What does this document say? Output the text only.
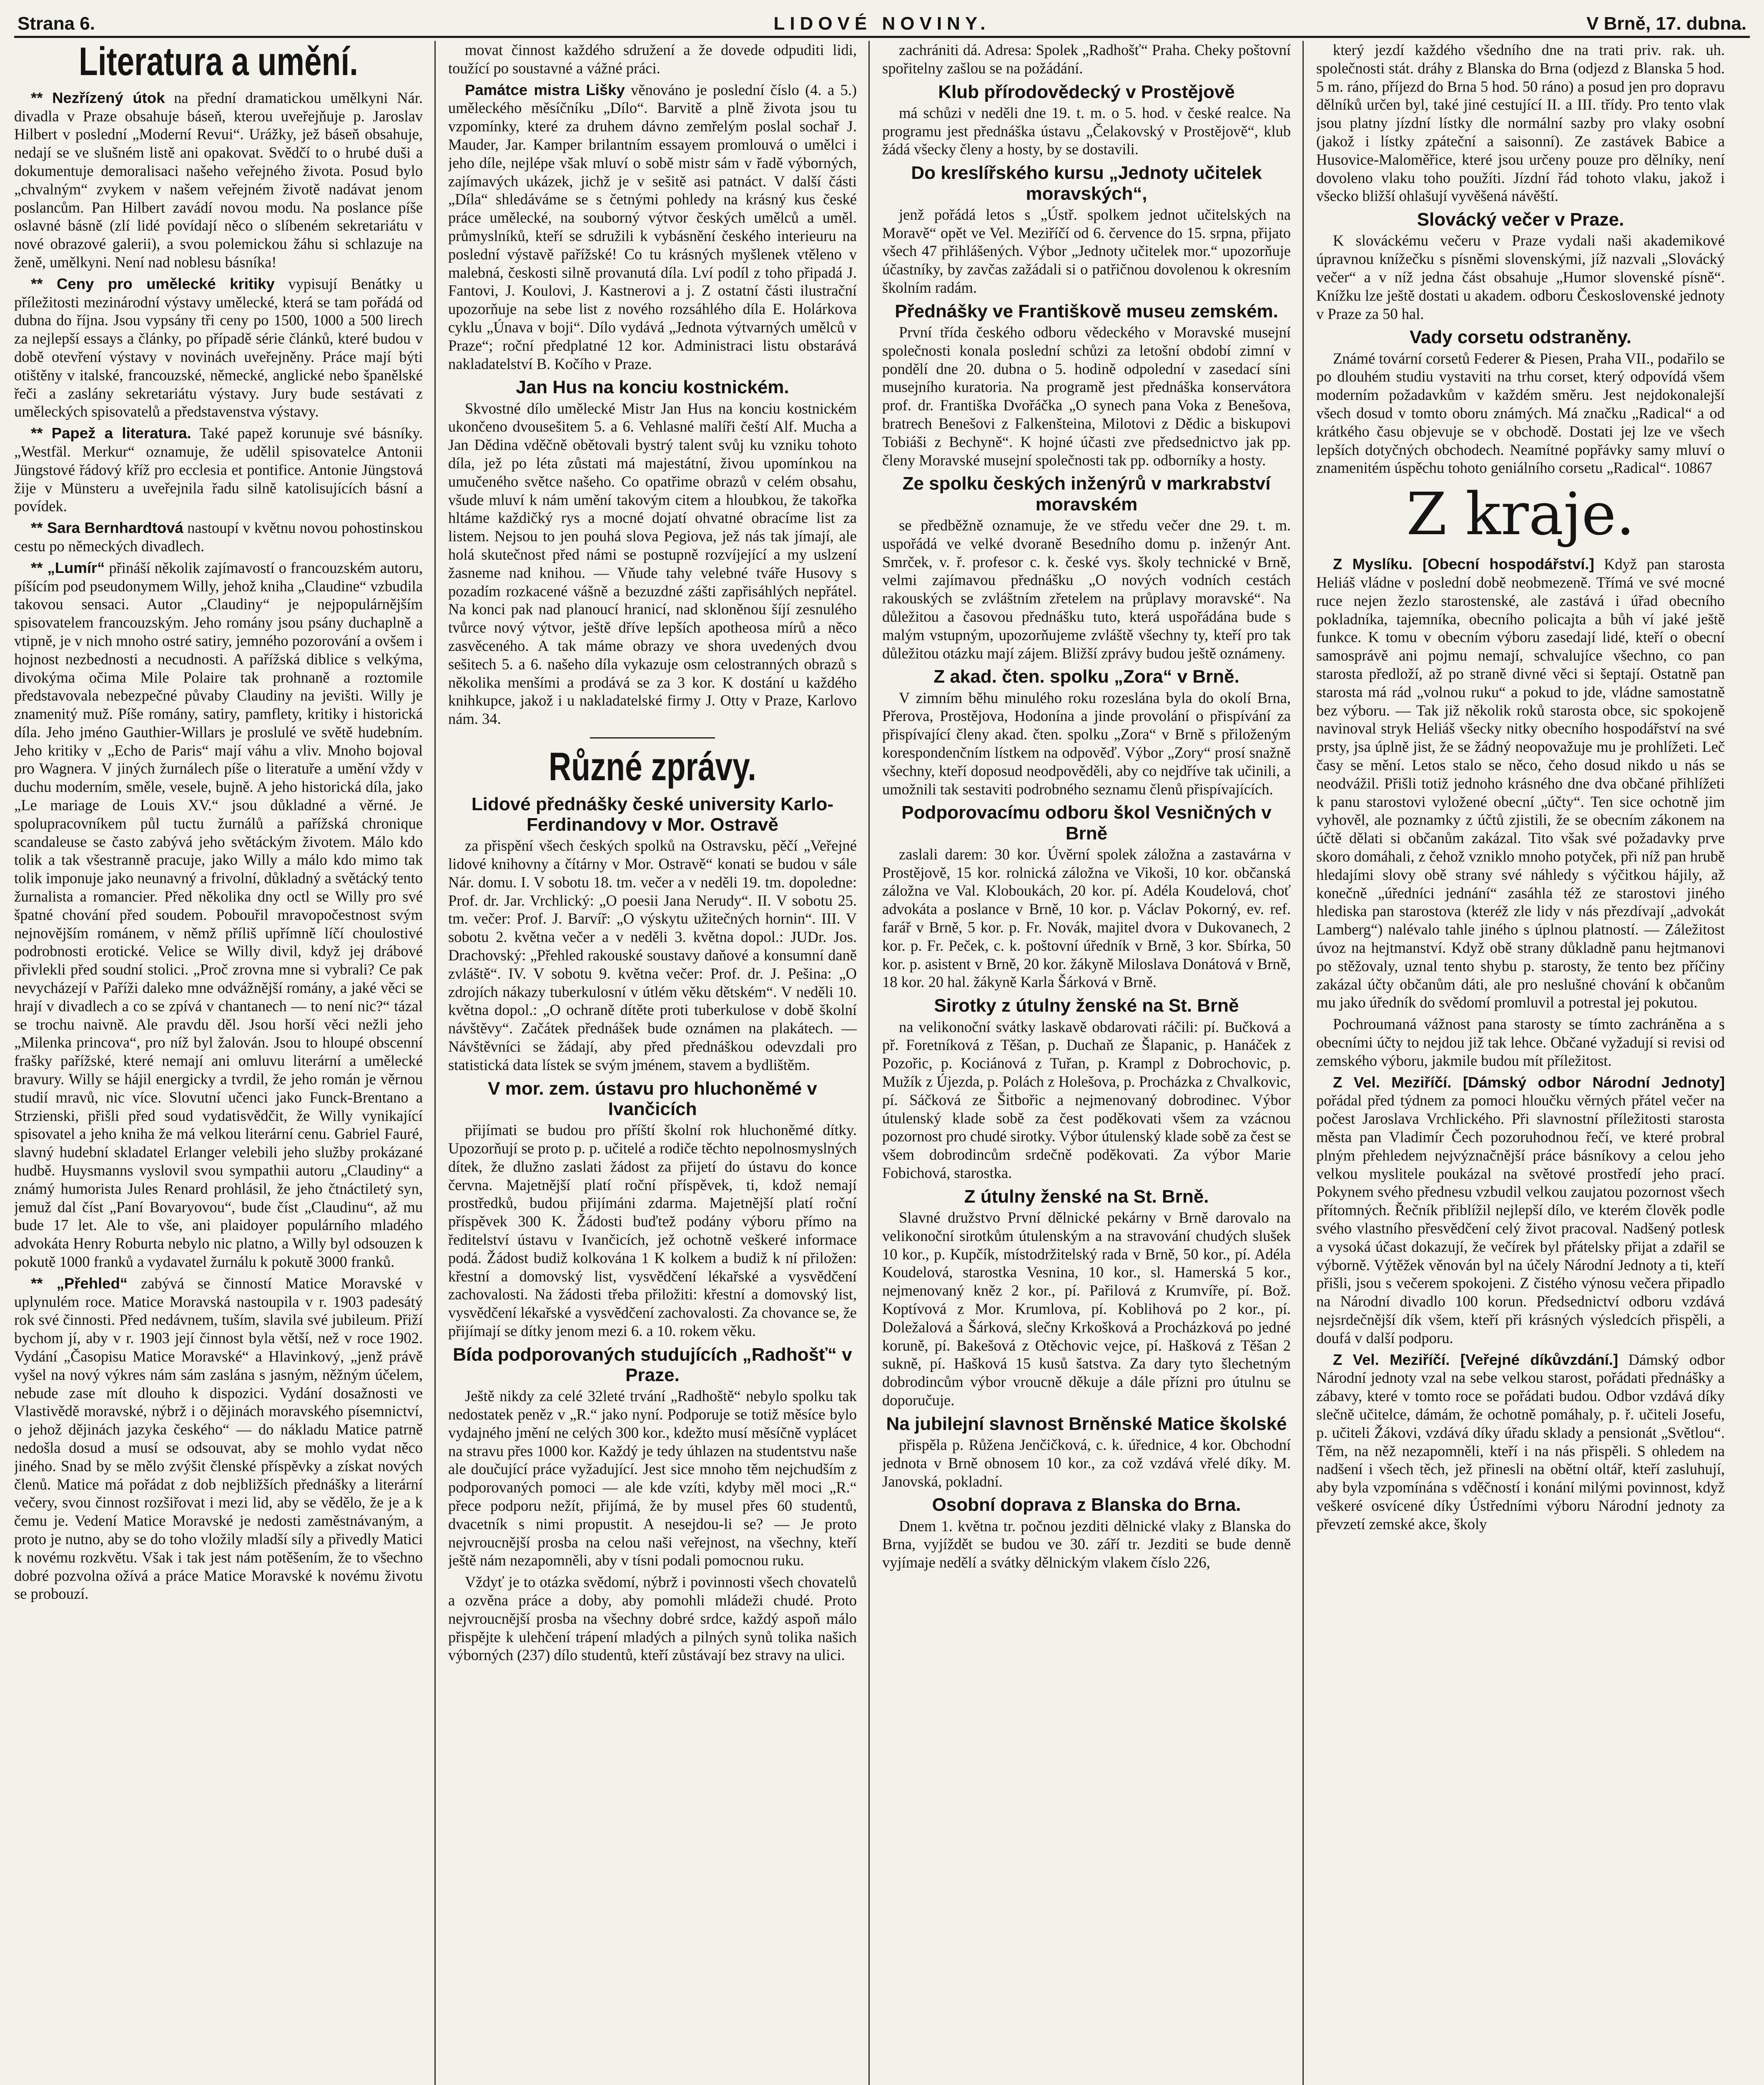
Strana 6.	LIDOVÉ NOVINY.	V Brně, 17. dubna.
Literatura a umění.

** Nezřízený útok na přední dramatickou umělkyni Nár. divadla v Praze obsahuje báseň, kterou uveřejňuje p. Jaroslav Hilbert v poslední „Moderní Revui“. Urážky, jež báseň obsahuje, nedají se ve slušném listě ani opakovat. Svědčí to o hrubé duši a dokumentuje demoralisaci našeho veřejného života. Posud bylo „chvalným“ zvykem v našem veřejném životě nadávat jenom poslancům. Pan Hilbert zavádí novou modu. Na poslance píše oslavné básně (zlí lidé povídají něco o slíbeném sekretariátu v nové obrazové galerii), a svou polemickou žáhu si schlazuje na ženě, umělkyni. Není nad noblesu básníka!

** Ceny pro umělecké kritiky vypisují Benátky u příležitosti mezinárodní výstavy umělecké, která se tam pořádá od dubna do října. Jsou vypsány tři ceny po 1500, 1000 a 500 lirech za nejlepší essays a články, po případě série článků, které budou v době otevření výstavy v novinách uveřejněny. Práce mají býti otištěny v italské, francouzské, německé, anglické nebo španělské řeči a zaslány sekretariátu výstavy. Jury bude sestávati z uměleckých spisovatelů a představenstva výstavy.

** Papež a literatura. Také papež korunuje své básníky. „Westfäl. Merkur“ oznamuje, že udělil spisovatelce Antonii Jüngstové řádový kříž pro ecclesia et pontifice. Antonie Jüngstová žije v Münsteru a uveřejnila řadu silně katolisujících básní a povídek.

** Sara Bernhardtová nastoupí v květnu novou pohostinskou cestu po německých divadlech.

** „Lumír“ přináší několik zajímavostí o francouzském autoru, píšícím pod pseudonymem Willy, jehož kniha „Claudine“ vzbudila takovou sensaci. Autor „Claudiny“ je nejpopulárnějším spisovatelem francouzským. Jeho romány jsou psány duchaplně a vtipně, je v nich mnoho ostré satiry, jemného pozorování a ovšem i hojnost nezbednosti a necudnosti. A pařížská diblice s velkýma, divokýma očima Mile Polaire tak prohnaně a roztomile představovala nebezpečné půvaby Claudiny na jevišti. Willy je znamenitý muž. Píše romány, satiry, pamflety, kritiky i historická díla. Jeho jméno Gauthier-Willars je proslulé ve světě hudebním. Jeho kritiky v „Echo de Paris“ mají váhu a vliv. Mnoho bojoval pro Wagnera. V jiných žurnálech píše o literatuře a umění vždy v duchu moderním, směle, vesele, bujně. A jeho historická díla, jako „Le mariage de Louis XV.“ jsou důkladné a věrné. Je spolupracovníkem půl tuctu žurnálů a pařížská chronique scandaleuse se často zabývá jeho světáckým životem. Málo kdo tolik a tak všestranně pracuje, jako Willy a málo kdo mimo tak tolik imponuje jako neunavný a frivolní, důkladný a světácký tento žurnalista a romancier. Před několika dny octl se Willy pro své špatné chování před soudem. Pobouřil mravopočestnost svým nejnovějším románem, v němž příliš upřímně líčí choulostivé podrobnosti erotické. Velice se Willy divil, když jej drábové přivlekli před soudní stolici. „Proč zrovna mne si vybrali? Ce pak nevycházejí v Paříži daleko mne odvážnější romány, a jaké věci se hrají v divadlech a co se zpívá v chantanech — to není nic?“ tázal se trochu naivně. Ale pravdu děl. Jsou horší věci nežli jeho „Milenka princova“, pro níž byl žalován. Jsou to hloupé obscenní frašky pařížské, které nemají ani omluvu literární a umělecké bravury. Willy se hájil energicky a tvrdil, že jeho román je věrnou studií mravů, nic více. Slovutní učenci jako Funck-Brentano a Strzienski, přišli před soud vydatisvědčit, že Willy vynikající spisovatel a jeho kniha že má velkou literární cenu. Gabriel Fauré, slavný hudební skladatel Erlanger velebili jeho služby prokázané hudbě. Huysmanns vyslovil svou sympathii autoru „Claudiny“ a známý humorista Jules Renard prohlásil, že jeho čtnáctiletý syn, jemuž dal číst „Paní Bovaryovou“, bude číst „Claudinu“, až mu bude 17 let. Ale to vše, ani plaidoyer populárního mladého advokáta Henry Roburta nebylo nic platno, a Willy byl odsouzen k pokutě 1000 franků a vydavatel žurnálu k pokutě 3000 franků.

** „Přehled“ zabývá se činností Matice Moravské v uplynulém roce. Matice Moravská nastoupila v r. 1903 padesátý rok své činnosti. Před nedávnem, tuším, slavila své jubileum. Přiží bychom jí, aby v r. 1903 její činnost byla větší, než v roce 1902. Vydání „Časopisu Matice Moravské“ a Hlavinkový, „jenž právě vyšel na nový výkres nám sám zaslána s jasným, něžným účelem, nebude zase mít dlouho k dispozici. Vydání dosažnosti ve Vlastivědě moravské, nýbrž i o dějinách moravského písemnictví, o jehož dějinách jazyka českého“ — do nákladu Matice patrně nedošla dosud a musí se odsouvat, aby se mohlo vydat něco jiného. Snad by se mělo zvýšit členské příspěvky a získat nových členů. Matice má pořádat z dob nejbližších přednášky a literární večery, svou činnost rozšiřovat i mezi lid, aby se vědělo, že je a k čemu je. Vedení Matice Moravské je nedosti zaměstnávaným, a proto je nutno, aby se do toho vložily mladší síly a přivedly Matici k novému rozkvětu. Však i tak jest nám potěšením, že to všechno dobré pozvolna ožívá a práce Matice Moravské k novému životu se probouzí.

movat činnost každého sdružení a že dovede odpuditi lidi, toužící po soustavné a vážné práci.

Památce mistra Lišky věnováno je poslední číslo (4. a 5.) uměleckého měsíčníku „Dílo“. Barvitě a plně života jsou tu vzpomínky, které za druhem dávno zemřelým poslal sochař J. Mauder, Jar. Kamper brilantním essayem promlouvá o umělci i jeho díle, nejlépe však mluví o sobě mistr sám v řadě výborných, zajímavých ukázek, jichž je v sešitě asi patnáct. V další části „Díla“ shledáváme se s četnými pohledy na krásný kus české práce umělecké, na souborný výtvor českých umělců a uměl. průmyslníků, kteří se sdružili k vybásnění českého interieuru na poslední výstavě pařížské! Co tu krásných myšlenek vtěleno v malebná, českosti silně provanutá díla. Lví podíl z toho připadá J. Fantovi, J. Koulovi, J. Kastnerovi a j. Z ostatní části ilustrační upozorňuje na sebe list z nového rozsáhlého díla E. Holárkova cyklu „Únava v boji“. Dílo vydává „Jednota výtvarných umělců v Praze“; roční předplatné 12 kor. Administraci listu obstarává nakladatelství B. Kočího v Praze.

Jan Hus na konciu kostnickém.

Skvostné dílo umělecké Mistr Jan Hus na konciu kostnickém ukončeno dvousešitem 5. a 6. Vehlasné malíři čeští Alf. Mucha a Jan Dědina vděčně obětovali bystrý talent svůj ku vzniku tohoto díla, jež po léta zůstati má majestátní, živou upomínkou na umučeného světce našeho. Co opatřime obrazů v celém obsahu, všude mluví k nám umění takovým citem a hloubkou, že takořka hltáme každičký rys a mocné dojatí ohvatné obracíme list za listem. Nejsou to jen pouhá slova Pegiova, jež nás tak jímají, ale holá skutečnost před námi se postupně rozvíjející a my uslzení žasneme nad knihou. — Vňude tahy velebné tváře Husovy s pozadím rozkacené vášně a bezuzdné zášti zapřisáhlých nepřátel. Na konci pak nad planoucí hranicí, nad skloněnou šíjí zesnulého tvůrce nový výtvor, ještě dříve lepších apotheosa mírů a něco zasvěceného. A tak máme obrazy ve shora uvedených dvou sešitech 5. a 6. našeho díla vykazuje osm celostranných obrazů s několika menšími a prodává se za 3 kor. K dostání u každého knihkupce, jakož i u nakladatelské firmy J. Otty v Praze, Karlovo nám. 34.

Různé zprávy.
Lidové přednášky české university Karlo-Ferdinandovy v Mor. Ostravě

za přispění všech českých spolků na Ostravsku, pěčí „Veřejné lidové knihovny a čítárny v Mor. Ostravě“ konati se budou v sále Nár. domu. I. V sobotu 18. tm. večer a v neděli 19. tm. dopoledne: Prof. dr. Jar. Vrchlický: „O poesii Jana Nerudy“. II. V sobotu 25. tm. večer: Prof. J. Barvíř: „O výskytu užitečných hornin“. III. V sobotu 2. května večer a v neděli 3. května dopol.: JUDr. Jos. Drachovský: „Přehled rakouské soustavy daňové a konsumní daně zvláště“. IV. V sobotu 9. května večer: Prof. dr. J. Pešina: „O zdrojích nákazy tuberkulosní v útlém věku dětském“. V neděli 10. května dopol.: „O ochraně dítěte proti tuberkulose v době školní návštěvy“. Začátek přednášek bude oznámen na plakátech. — Návštěvníci se žádají, aby před přednáškou odevzdali pro statistická data lístek se svým jménem, stavem a bydlištěm.

V mor. zem. ústavu pro hluchoněmé v Ivančicích

přijímati se budou pro příští školní rok hluchoněmé dítky. Upozorňují se proto p. p. učitelé a rodiče těchto nepolnosmyslných dítek, že dlužno zaslati žádost za přijetí do ústavu do konce června. Majetnější platí roční příspěvek, ti, kdož nemají prostředků, budou přijímáni zdarma. Majetnější platí roční příspěvek 300 K. Žádosti buďtež podány výboru přímo na ředitelství ústavu v Ivančicích, jež ochotně veškeré informace podá. Žádost budiž kolkována 1 K kolkem a budiž k ní přiložen: křestní a domovský list, vysvědčení lékařské a vysvědčení zachovalosti. Na žádosti třeba přiložiti: křestní a domovský list, vysvědčení lékařské a vysvědčení zachovalosti. Za chovance se, že přijímají se dítky jenom mezi 6. a 10. rokem věku.

Bída podporovaných studujících „Radhošť“ v Praze.

Ještě nikdy za celé 32leté trvání „Radhoště“ nebylo spolku tak nedostatek peněz v „R.“ jako nyní. Podporuje se totiž měsíce bylo vydajného jmění ne celých 300 kor., kdežto musí měsíčně vyplácet na stravu přes 1000 kor. Každý je tedy úhlazen na studentstvu naše ale doučující práce vyžadující. Jest sice mnoho těm nejchudším z podporovaných pomoci — ale kde vzíti, kdyby měl moci „R.“ přece podporu nežít, přijímá, že by musel přes 60 studentů, dvacetník s nimi propustit. A nesejdou-li se? — Je proto nejvroucnější prosba na celou naši veřejnost, na všechny, kteří ještě nám nezapomněli, aby v tísni podali pomocnou ruku.

Vždyť je to otázka svědomí, nýbrž i povinnosti všech chovatelů a ozvěna práce a doby, aby pomohli mládeži chudé. Proto nejvroucnější prosba na všechny dobré srdce, každý aspoň málo přispějte k ulehčení trápení mladých a pilných synů tolika našich výborných (237) dílo studentů, kteří zůstávají bez stravy na ulici.

zachrániti dá. Adresa: Spolek „Radhošť“ Praha. Cheky poštovní spořitelny zašlou se na požádání.

Klub přírodovědecký v Prostějově

má schůzi v neděli dne 19. t. m. o 5. hod. v české realce. Na programu jest přednáška ústavu „Čelakovský v Prostějově“, klub žádá všecky členy a hosty, by se dostavili.

Do kreslířského kursu „Jednoty učitelek moravských“,

jenž pořádá letos s „Ústř. spolkem jednot učitelských na Moravě“ opět ve Vel. Meziříčí od 6. července do 15. srpna, přijato všech 47 přihlášených. Výbor „Jednoty učitelek mor.“ upozorňuje účastníky, by zavčas zažádali si o patřičnou dovolenou k okresním školním radám.

Přednášky ve Františkově museu zemském.

První třída českého odboru vědeckého v Moravské musejní společnosti konala poslední schůzi za letošní období zimní v pondělí dne 20. dubna o 5. hodině odpolední v zasedací síni musejního kuratoria. Na programě jest přednáška konservátora prof. dr. Františka Dvořáčka „O synech pana Voka z Benešova, bratrech Benešovi z Falkenšteina, Milotovi z Dědic a biskupovi Tobiáši z Bechyně“. K hojné účasti zve předsednictvo jak pp. členy Moravské musejní společnosti tak pp. odborníky a hosty.

Ze spolku českých inženýrů v markrabství moravském

se předběžně oznamuje, že ve středu večer dne 29. t. m. uspořádá ve velké dvoraně Besedního domu p. inženýr Ant. Smrček, v. ř. profesor c. k. české vys. školy technické v Brně, velmi zajímavou přednášku „O nových vodních cestách rakouských se zvláštním zřetelem na průplavy moravské“. Na důležitou a časovou přednášku tuto, která uspořádána bude s malým vstupným, upozorňujeme zvláště všechny ty, kteří pro tak důležitou otázku mají zájem. Bližší zprávy budou ještě oznámeny.

Z akad. čten. spolku „Zora“ v Brně.

V zimním běhu minulého roku rozeslána byla do okolí Brna, Přerova, Prostějova, Hodonína a jinde provolání o přispívání za přispívající členy akad. čten. spolku „Zora“ v Brně s přiloženým korespondenčním lístkem na odpověď. Výbor „Zory“ prosí snažně všechny, kteří doposud neodpověděli, aby co nejdříve tak učinili, a umožnili tak sestaviti podrobného seznamu členů přispívajících.

Podporovacímu odboru škol Vesničných v Brně

zaslali darem: 30 kor. Úvěrní spolek záložna a zastavárna v Prostějově, 15 kor. rolnická záložna ve Vikoši, 10 kor. občanská záložna ve Val. Kloboukách, 20 kor. pí. Adéla Koudelová, choť advokáta a poslance v Brně, 10 kor. p. Václav Pokorný, ev. ref. farář v Brně, 5 kor. p. Fr. Novák, majitel dvora v Dukovanech, 2 kor. p. Fr. Peček, c. k. poštovní úředník v Brně, 3 kor. Sbírka, 50 kor. p. asistent v Brně, 20 kor. žákyně Miloslava Donátová v Brně, 18 kor. 20 hal. žákyně Karla Šárková v Brně.

Sirotky z útulny ženské na St. Brně

na velikonoční svátky laskavě obdarovati ráčili: pí. Bučková a př. Foretníková z Těšan, p. Duchaň ze Šlapanic, p. Hanáček z Pozořic, p. Kociánová z Tuřan, p. Krampl z Dobrochovic, p. Mužík z Újezda, p. Polách z Holešova, p. Procházka z Chvalkovic, pí. Sáčková ze Šitbořic a nejmenovaný dobrodinec. Výbor útulenský klade sobě za čest poděkovati všem za vzácnou pozornost pro chudé sirotky. Výbor útulenský klade sobě za čest se všem dobrodincům srdečně poděkovati. Za výbor Marie Fobichová, starostka.

Z útulny ženské na St. Brně.

Slavné družstvo První dělnické pekárny v Brně darovalo na velikonoční sirotkům útulenským a na stravování chudých slušek 10 kor., p. Kupčík, místodržitelský rada v Brně, 50 kor., pí. Adéla Koudelová, starostka Vesnina, 10 kor., sl. Hamerská 5 kor., nejmenovaný kněz 2 kor., pí. Pařilová z Krumvíře, pí. Bož. Koptívová z Mor. Krumlova, pí. Koblihová po 2 kor., pí. Doležalová a Šárková, slečny Krkošková a Procházková po jedné koruně, pí. Bakešová z Otěchovic vejce, pí. Hašková z Těšan 2 sukně, pí. Hašková 15 kusů šatstva. Za dary tyto šlechetným dobrodincům výbor vroucně děkuje a dále přízni pro útulnu se doporučuje.

Na jubilejní slavnost Brněnské Matice školské

přispěla p. Růžena Jenčičková, c. k. úřednice, 4 kor. Obchodní jednota v Brně obnosem 10 kor., za což vzdává vřelé díky. M. Janovská, pokladní.

Osobní doprava z Blanska do Brna.

Dnem 1. května tr. počnou jezditi dělnické vlaky z Blanska do Brna, vyjíždět se budou ve 30. září tr. Jezditi se bude denně vyjímaje nedělí a svátky dělnickým vlakem číslo 226,

který jezdí každého všedního dne na trati priv. rak. uh. společnosti stát. dráhy z Blanska do Brna (odjezd z Blanska 5 hod. 5 m. ráno, příjezd do Brna 5 hod. 50 ráno) a posud jen pro dopravu dělníků určen byl, také jiné cestující II. a III. třídy. Pro tento vlak jsou platny jízdní lístky dle normální sazby pro vlaky osobní (jakož i lístky zpáteční a saisonní). Ze zastávek Babice a Husovice-Maloměřice, které jsou určeny pouze pro dělníky, není dovoleno vlaku toho použíti. Jízdní řád tohoto vlaku, jakož i všecko bližší ohlašují vyvěšená návěští.

Slovácký večer v Praze.

K slováckému večeru v Praze vydali naši akademikové úpravnou knížečku s písněmi slovenskými, jíž nazvali „Slovácký večer“ a v níž jedna část obsahuje „Humor slovenské písně“. Knížku lze ještě dostati u akadem. odboru Československé jednoty v Praze za 50 hal.

Vady corsetu odstraněny.

Známé tovární corsetů Federer & Piesen, Praha VII., podařilo se po dlouhém studiu vystaviti na trhu corset, který odpovídá všem moderním požadavkům v každém směru. Jest nejdokonalejší všech dosud v tomto oboru známých. Má značku „Radical“ a od krátkého času objevuje se v obchodě. Dostati jej lze ve všech lepších dotyčných obchodech. Neamítné popřávky samy mluví o znamenitém úspěchu tohoto geniálního corsetu „Radical“. 10867

Z kraje.

Z Myslíku. [Obecní hospodářství.] Když pan starosta Heliáš vládne v poslední době neobmezeně. Třímá ve své mocné ruce nejen žezlo starostenské, ale zastává i úřad obecního pokladníka, tajemníka, obecního policajta a bůh ví jaké ještě funkce. K tomu v obecním výboru zasedají lidé, kteří o obecní samosprávě ani pojmu nemají, schvalujíce všechno, co pan starosta předloží, až po straně divné věci si šeptají. Ostatně pan starosta má rád „volnou ruku“ a pokud to jde, vládne samostatně bez výboru. — Tak již několik roků starosta obce, sic spokojeně navinoval stryk Heliáš všecky nitky obecního hospodářství na své prsty, jsa úplně jist, že se žádný neopovažuje mu je prohlížeti. Leč časy se mění. Letos stalo se něco, čeho dosud nikdo u nás se neodvážil. Přišli totiž jednoho krásného dne dva občané přihlížeti k panu starostovi vyložené obecní „účty“. Ten sice ochotně jim vyhověl, ale poznamky z účtů zjistili, že se obecním zákonem na účtě dělati si občanům zakázal. Tito však své požadavky prve skoro domáhali, z čehož vzniklo mnoho potyček, při níž pan hrubě hledajími slovy obě strany své náhledy s výčitkou hájily, až konečně „úředníci jednání“ zasáhla též ze starostovi jiného hlediska pan starostova (kteréž zle lidy v nás přezdívají „advokát Lamberg“) nalévalo tahle jiného s úplnou platností. — Záležitost úvoz na hejtmanství. Když obě strany důkladně panu hejtmanovi po stěžovaly, uznal tento shybu p. starosty, že tento bez příčiny zakázal účty občanům dáti, ale pro neslušné chování k občanům mu jako úředník do svědomí promluvil a potrestal jej pokutou.

Pochroumaná vážnost pana starosty se tímto zachráněna a s obecními účty to nejdou již tak lehce. Občané vyžadují si revisi od zemského výboru, jakmile budou mít příležitost.

Z Vel. Meziříčí. [Dámský odbor Národní Jednoty] pořádal před týdnem za pomoci hloučku věrných přátel večer na počest Jaroslava Vrchlického. Při slavnostní příležitosti starosta města pan Vladimír Čech pozoruhodnou řečí, ve které probral plným přehledem nejvýznačnější práce básníkovy a celou jeho velkou myslitele poukázal na světové prostředí jeho prací. Pokynem svého přednesu vzbudil velkou zaujatou pozornost všech přítomných. Řečník přiblížil nejlepší dílo, ve kterém člověk podle svého vlastního přesvědčení celý život pracoval. Nadšený potlesk a vysoká účast dokazují, že večírek byl přátelsky přijat a zdařil se výborně. Výtěžek věnován byl na účely Národní Jednoty a ti, kteří přišli, jsou s večerem spokojeni. Z čistého výnosu večera připadlo na Národní divadlo 100 korun. Předsednictví odboru vzdává nejsrdečnější dík všem, kteří při krásných výsledcích přispěli, a doufá v další podporu.

Z Vel. Meziříčí. [Veřejné díkůvzdání.] Dámský odbor Národní jednoty vzal na sebe velkou starost, pořádati přednášky a zábavy, které v tomto roce se pořádati budou. Odbor vzdává díky slečně učitelce, dámám, že ochotně pomáhaly, p. ř. učiteli Josefu, p. učiteli Žákovi, vzdává díky úřadu sklady a pensionát „Světlou“. Těm, na něž nezapomněli, kteří i na nás přispěli. S ohledem na nadšení i všech těch, jež přinesli na obětní oltář, kteří zasluhují, aby byla vzpomínána s vděčností i konání milými povinnost, když veškeré osvícené díky Ústředními výboru Národní jednoty za převzetí zemské akce, školy
